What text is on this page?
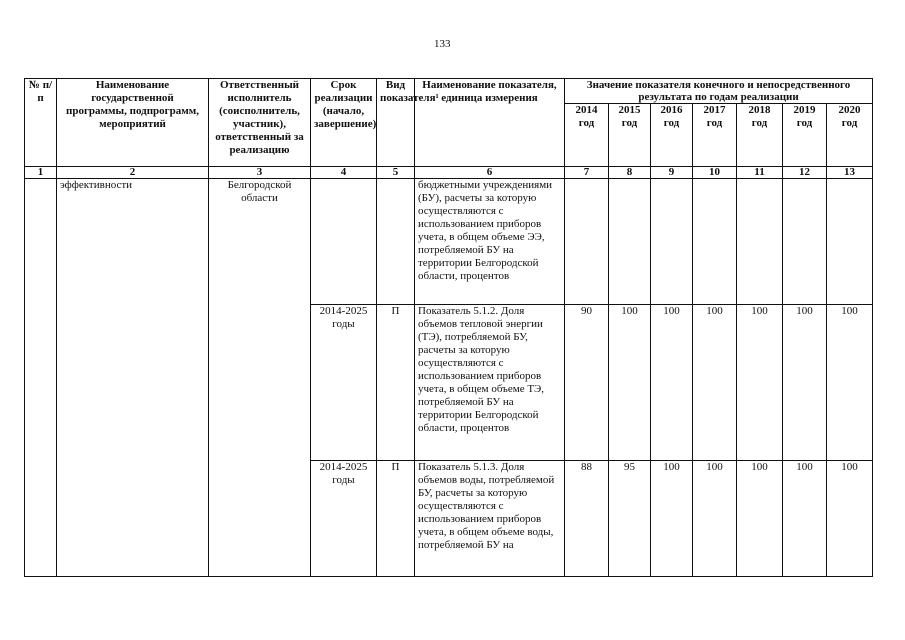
133
№ п/п	Наименование государственной программы, подпрограмм, мероприятий	Ответственный исполнитель (соисполнитель, участник), ответственный за реализацию	Срок реализации (начало, завершение)	Вид показателя¹	Наименование показателя, единица измерения	Значение показателя конечного и непосредственного результата по годам реализации						
						2014 год	2015 год	2016 год	2017 год	2018 год	2019 год	2020 год
1	2	3	4	5	6	7	8	9	10	11	12	13
	эффективности	Белгородской области			бюджетными учреждениями (БУ), расчеты за которую осуществляются с использованием приборов учета, в общем объеме ЭЭ, потребляемой БУ на территории Белгородской области, процентов							
			2014-2025 годы	П	Показатель 5.1.2. Доля объемов тепловой энергии (ТЭ), потребляемой БУ, расчеты за которую осуществляются с использованием приборов учета, в общем объеме ТЭ, потребляемой БУ на территории Белгородской области, процентов	90	100	100	100	100	100	100
			2014-2025 годы	П	Показатель 5.1.3. Доля объемов воды, потребляемой БУ, расчеты за которую осуществляются с использованием приборов учета, в общем объеме воды, потребляемой БУ на	88	95	100	100	100	100	100
